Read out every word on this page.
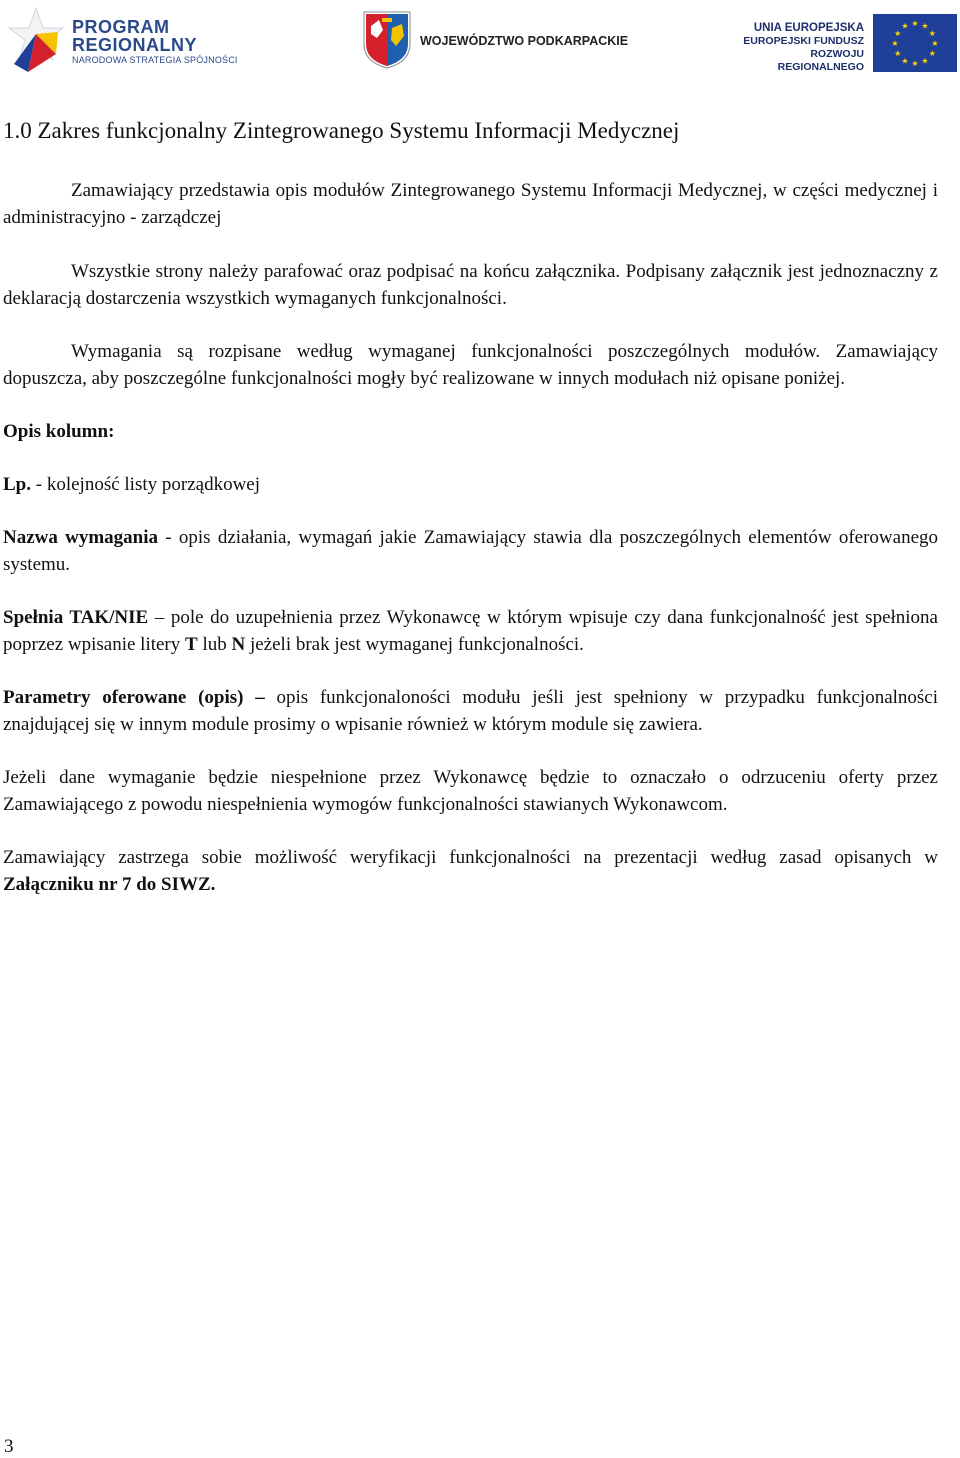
PROGRAM
REGIONALNY
NARODOWA STRATEGIA SPÓJNOŚCI
WOJEWÓDZTWO PODKARPACKIE
UNIA EUROPEJSKA
EUROPEJSKI FUNDUSZ
ROZWOJU REGIONALNEGO
★ ★
★
★
★
★
★
★
★
★
★
★
1.0 Zakres funkcjonalny Zintegrowanego Systemu Informacji Medycznej

Zamawiający przedstawia opis modułów Zintegrowanego Systemu Informacji Medycznej, w części medycznej i administracyjno - zarządczej

Wszystkie strony należy parafować oraz podpisać na końcu załącznika. Podpisany załącznik jest jednoznaczny z deklaracją dostarczenia wszystkich wymaganych funkcjonalności.

Wymagania są rozpisane według wymaganej funkcjonalności poszczególnych modułów. Zamawiający dopuszcza, aby poszczególne funkcjonalności mogły być realizowane w innych modułach niż opisane poniżej.

Opis kolumn:

Lp. - kolejność listy porządkowej

Nazwa wymagania - opis działania, wymagań jakie Zamawiający stawia dla poszczególnych elementów oferowanego systemu.

Spełnia TAK/NIE – pole do uzupełnienia przez Wykonawcę w którym wpisuje czy dana funkcjonalność jest spełniona poprzez wpisanie litery T lub N jeżeli brak jest wymaganej funkcjonalności.

Parametry oferowane (opis) – opis funkcjonaloności modułu jeśli jest spełniony w przypadku funkcjonalności znajdującej się w innym module prosimy o wpisanie również w którym module się zawiera.

Jeżeli dane wymaganie będzie niespełnione przez Wykonawcę będzie to oznaczało o odrzuceniu oferty przez Zamawiającego z powodu niespełnienia wymogów funkcjonalności stawianych Wykonawcom.

Zamawiający zastrzega sobie możliwość weryfikacji funkcjonalności na prezentacji według zasad opisanych w Załączniku nr 7 do SIWZ.

3
